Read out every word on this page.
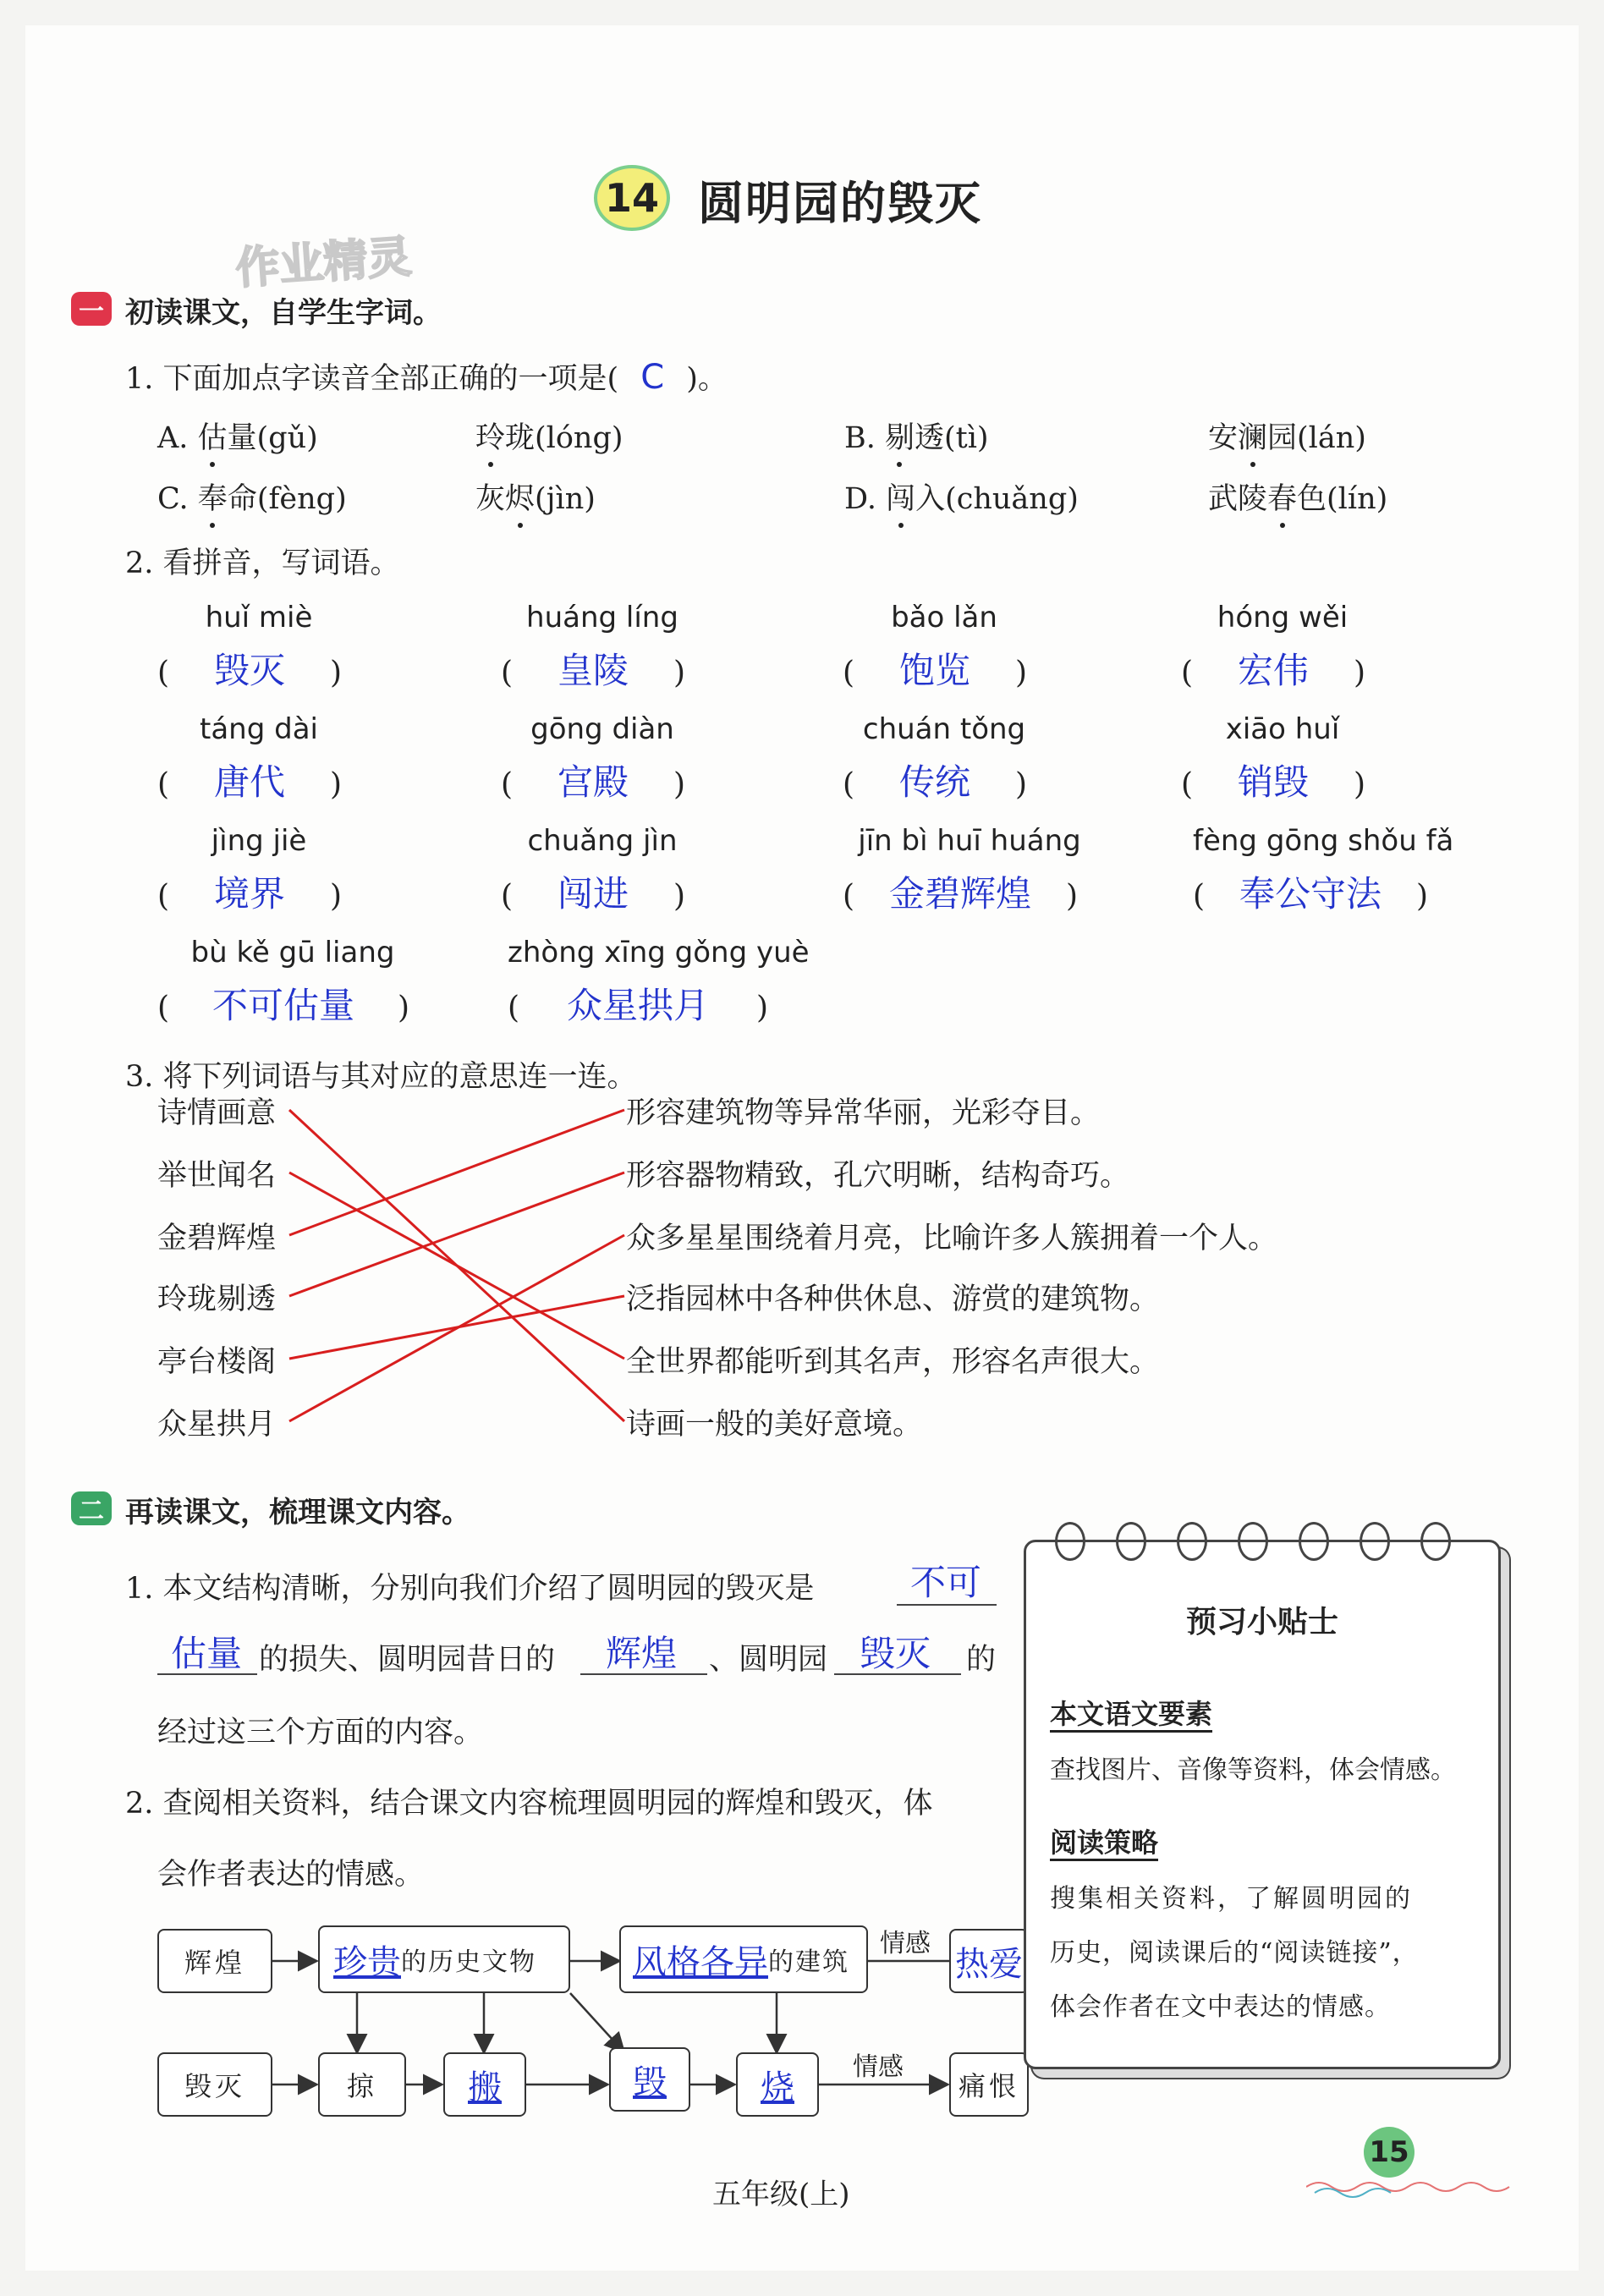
14 圆明园的毁灭
作业精灵
一 初读课文，自学生字词。
1. 下面加点字读音全部正确的一项是( C )。
A. 估量(gǔ)	玲珑(lóng)	B. 剔透(tì)	安澜园(lán)
C. 奉命(fèng)	灰烬(jìn)	D. 闯入(chuǎng)	武陵春色(lín)
2. 看拼音，写词语。
huǐ miè
( 毁灭 )
huáng líng
( 皇陵 )
bǎo lǎn
( 饱览 )
hóng wěi
( 宏伟 )
táng dài
( 唐代 )
gōng diàn
( 宫殿 )
chuán tǒng
( 传统 )
xiāo huǐ
( 销毁 )
jìng jiè
( 境界 )
chuǎng jìn
( 闯进 )
jīn bì huī huáng
( 金碧辉煌 )
fèng gōng shǒu fǎ
( 奉公守法 )
bù kě gū liang
( 不可估量 )
zhòng xīng gǒng yuè
( 众星拱月 )
3. 将下列词语与其对应的意思连一连。
诗情画意
举世闻名
金碧辉煌
玲珑剔透
亭台楼阁
众星拱月
形容建筑物等异常华丽，光彩夺目。
形容器物精致，孔穴明晰，结构奇巧。
众多星星围绕着月亮，比喻许多人簇拥着一个人。
泛指园林中各种供休息、游赏的建筑物。
全世界都能听到其名声，形容名声很大。
诗画一般的美好意境。
二 再读课文，梳理课文内容。
1. 本文结构清晰，分别向我们介绍了圆明园的毁灭是	不可
估量 的损失、圆明园昔日的 辉煌 、圆明园 毁灭 的
经过这三个方面的内容。
2. 查阅相关资料，结合课文内容梳理圆明园的辉煌和毁灭，体
会作者表达的情感。
辉煌	珍贵 的历史文物	风格各异 的建筑
情感
热爱
毁灭	掠	搬	毁	烧
情感
痛恨
预习小贴士
本文语文要素
查找图片、音像等资料，体会情感。
阅读策略
搜集相关资料，了解圆明园的
历史，阅读课后的“阅读链接”，
体会作者在文中表达的情感。
五年级(上)
15
